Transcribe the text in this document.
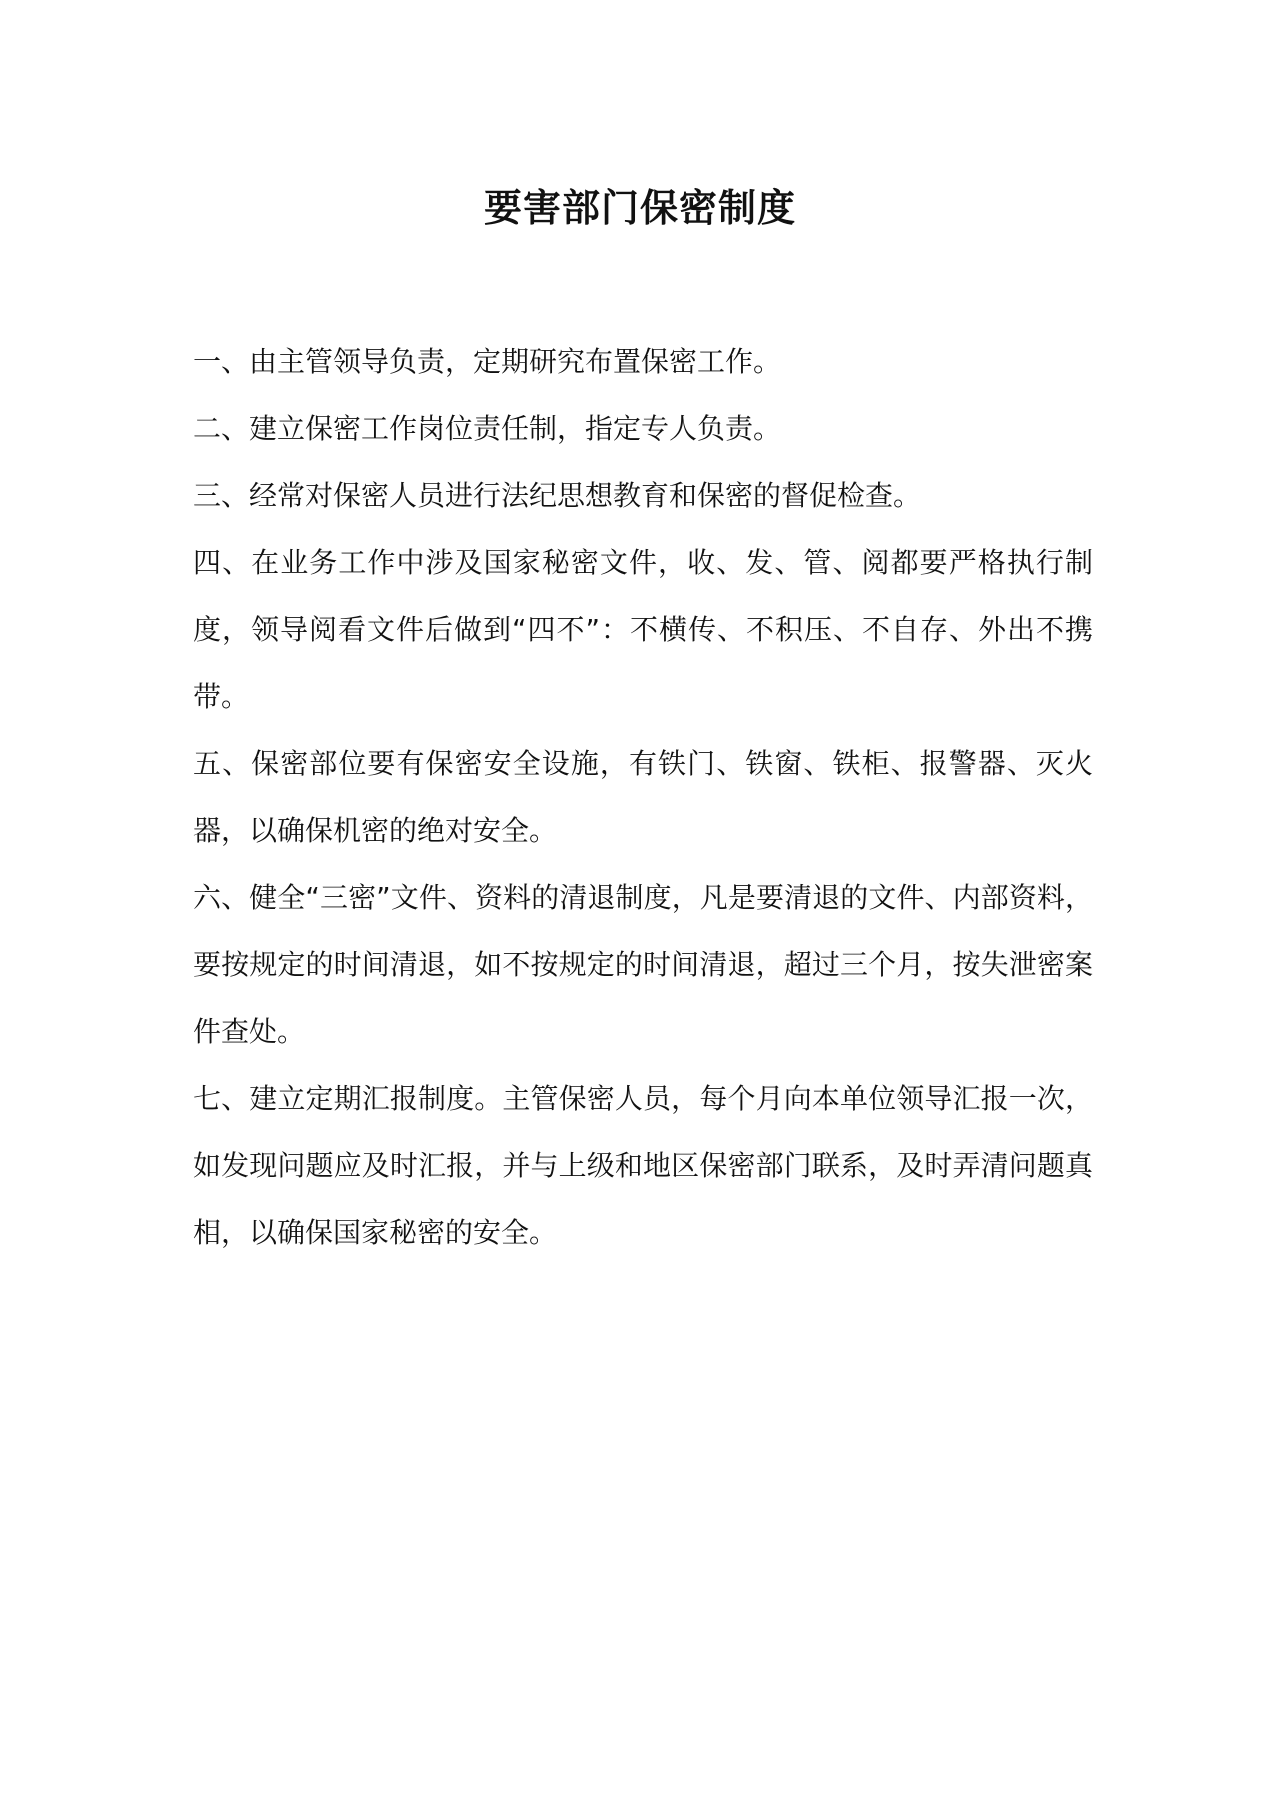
要害部门保密制度

一、由主管领导负责，定期研究布置保密工作。

二、建立保密工作岗位责任制，指定专人负责。

三、经常对保密人员进行法纪思想教育和保密的督促检查。

四、在业务工作中涉及国家秘密文件，收、发、管、阅都要严格执行制度，领导阅看文件后做到“四不”：不横传、不积压、不自存、外出不携带。

五、保密部位要有保密安全设施，有铁门、铁窗、铁柜、报警器、灭火器，以确保机密的绝对安全。

六、健全“三密”文件、资料的清退制度，凡是要清退的文件、内部资料，要按规定的时间清退，如不按规定的时间清退，超过三个月，按失泄密案件查处。

七、建立定期汇报制度。主管保密人员，每个月向本单位领导汇报一次，如发现问题应及时汇报，并与上级和地区保密部门联系，及时弄清问题真相，以确保国家秘密的安全。
